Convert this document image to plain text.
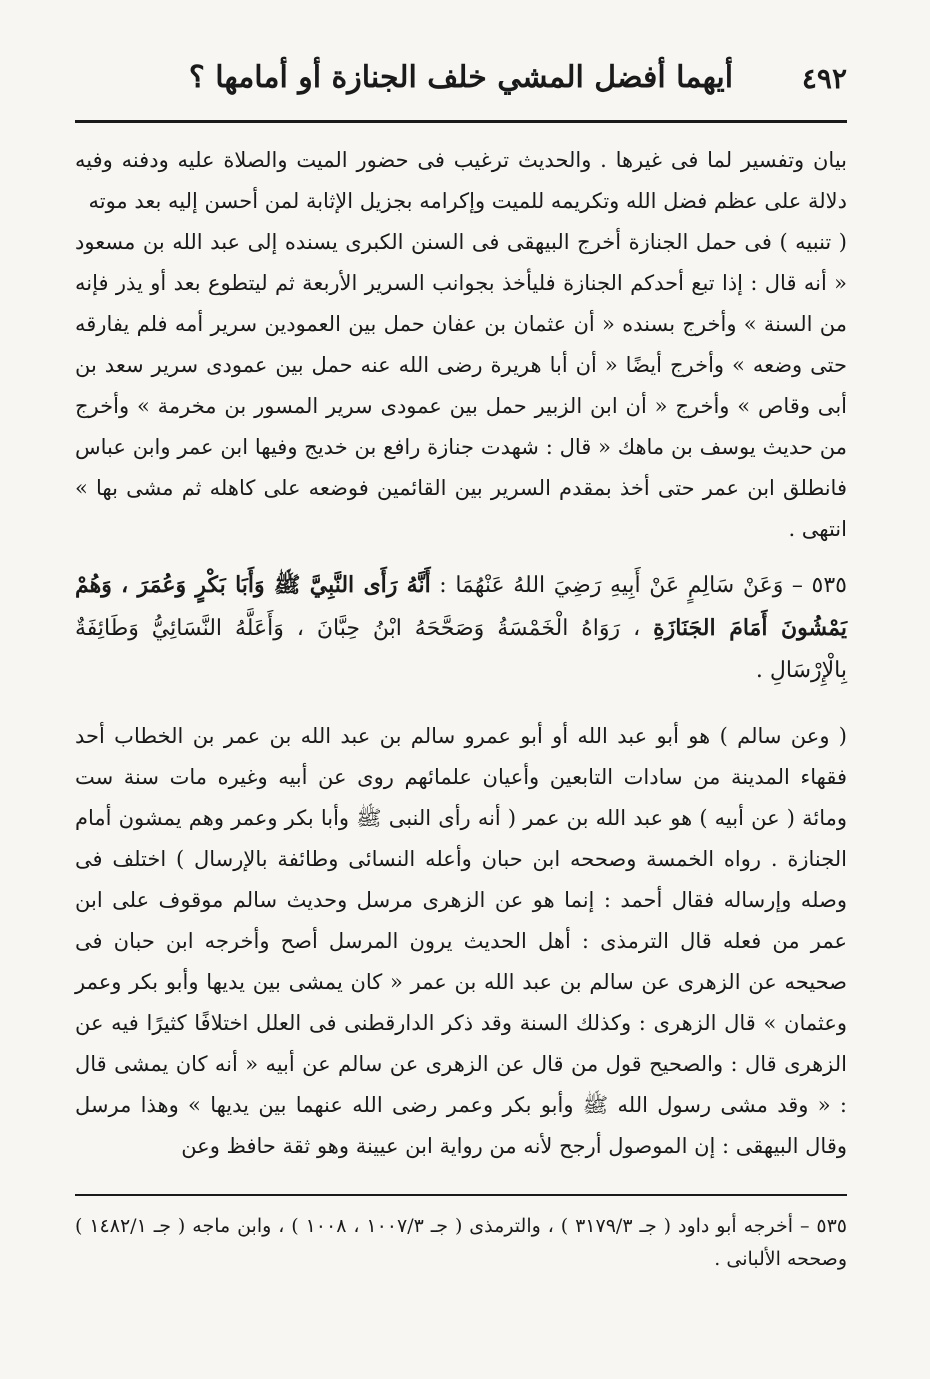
٤٩٢
أيهما أفضل المشي خلف الجنازة أو أمامها ؟

بيان وتفسير لما فى غيرها . والحديث ترغيب فى حضور الميت والصلاة عليه ودفنه وفيه دلالة على عظم فضل الله وتكريمه للميت وإكرامه بجزيل الإثابة لمن أحسن إليه بعد موته

( تنبيه ) فى حمل الجنازة أخرج البيهقى فى السنن الكبرى يسنده إلى عبد الله بن مسعود « أنه قال : إذا تبع أحدكم الجنازة فليأخذ بجوانب السرير الأربعة ثم ليتطوع بعد أو يذر فإنه من السنة » وأخرج بسنده « أن عثمان بن عفان حمل بين العمودين سرير أمه فلم يفارقه حتى وضعه » وأخرج أيضًا « أن أبا هريرة رضى الله عنه حمل بين عمودى سرير سعد بن أبى وقاص » وأخرج « أن ابن الزبير حمل بين عمودى سرير المسور بن مخرمة » وأخرج من حديث يوسف بن ماهك « قال : شهدت جنازة رافع بن خديج وفيها ابن عمر وابن عباس فانطلق ابن عمر حتى أخذ بمقدم السرير بين القائمين فوضعه على كاهله ثم مشى بها » انتهى .

٥٣٥ – وَعَنْ سَالِمٍ عَنْ أَبِيهِ رَضِيَ اللهُ عَنْهُمَا : أَنَّهُ رَأَى النَّبِيَّ ﷺ وَأَبَا بَكْرٍ وَعُمَرَ ، وَهُمْ يَمْشُونَ أَمَامَ الجَنَازَةِ ، رَوَاهُ الْخَمْسَةُ وَصَحَّحَهُ ابْنُ حِبَّانَ ، وَأَعَلَّهُ النَّسَائِيُّ وَطَائِفَةٌ بِالْإِرْسَالِ .

( وعن سالم ) هو أبو عبد الله أو أبو عمرو سالم بن عبد الله بن عمر بن الخطاب أحد فقهاء المدينة من سادات التابعين وأعيان علمائهم روى عن أبيه وغيره مات سنة ست ومائة ( عن أبيه ) هو عبد الله بن عمر ( أنه رأى النبى ﷺ وأبا بكر وعمر وهم يمشون أمام الجنازة . رواه الخمسة وصححه ابن حبان وأعله النسائى وطائفة بالإرسال ) اختلف فى وصله وإرساله فقال أحمد : إنما هو عن الزهرى مرسل وحديث سالم موقوف على ابن عمر من فعله قال الترمذى : أهل الحديث يرون المرسل أصح وأخرجه ابن حبان فى صحيحه عن الزهرى عن سالم بن عبد الله بن عمر « كان يمشى بين يديها وأبو بكر وعمر وعثمان » قال الزهرى : وكذلك السنة وقد ذكر الدارقطنى فى العلل اختلافًا كثيرًا فيه عن الزهرى قال : والصحيح قول من قال عن الزهرى عن سالم عن أبيه « أنه كان يمشى قال : « وقد مشى رسول الله ﷺ وأبو بكر وعمر رضى الله عنهما بين يديها » وهذا مرسل وقال البيهقى : إن الموصول أرجح لأنه من رواية ابن عيينة وهو ثقة حافظ وعن

٥٣٥ – أخرجه أبو داود ( جـ ٣١٧٩/٣ ) ، والترمذى ( جـ ١٠٠٧/٣ ، ١٠٠٨ ) ، وابن ماجه ( جـ ١٤٨٢/١ ) وصححه الألبانى .
